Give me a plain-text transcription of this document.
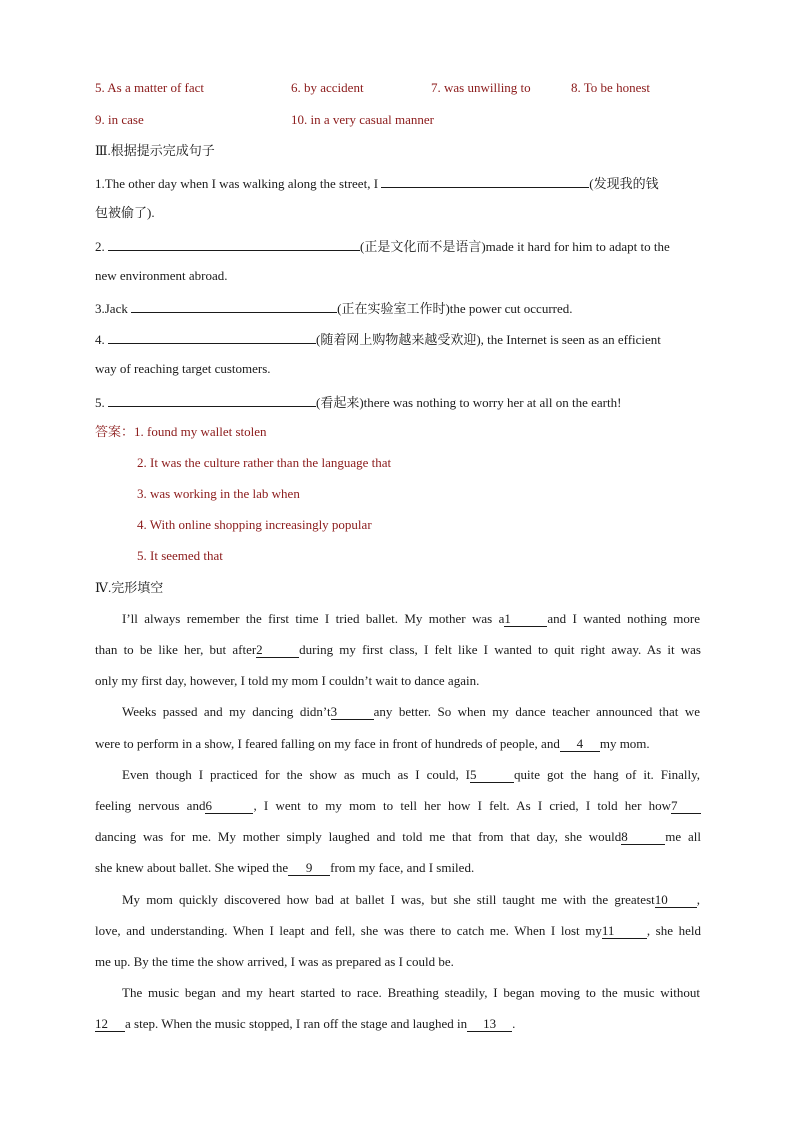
5. As a matter of fact	6. by accident	7. was unwilling to	8. To be honest
9. in case	10. in a very casual manner
Ⅲ.根据提示完成句子
1.The other day when I was walking along the street, I	(发现我的钱
包被偷了).
2.	(正是文化而不是语言)made it hard for him to adapt to the
new environment abroad.
3.Jack	(正在实验室工作时)the power cut occurred.
4.	(随着网上购物越来越受欢迎), the Internet is seen as an efficient
way of reaching target customers.
5.	(看起来)there was nothing to worry her at all on the earth!
答案：1. found my wallet stolen
2. It was the culture rather than the language that
3. was working in the lab when
4. With online shopping increasingly popular
5. It seemed that
Ⅳ.完形填空
I’ll always remember the first time I tried ballet. My mother was a1	and I wanted nothing more
than to be like her, but after2	during my first class, I felt like I wanted to quit right away. As it was
only my first day, however, I told my mom I couldn’t wait to dance again.
Weeks passed and my dancing didn’t3	any better. So when my dance teacher announced that we
were to perform in a show, I feared falling on my face in front of hundreds of people, and 4 my mom.
Even though I practiced for the show as much as I could, I5	quite got the hang of it. Finally,
feeling nervous and6	, I went to my mom to tell her how I felt. As I cried, I told her how7
dancing was for me. My mother simply laughed and told me that from that day, she would8	me all
she knew about ballet. She wiped the 9 from my face, and I smiled.
My mom quickly discovered how bad at ballet I was, but she still taught me with the greatest10 ,
love, and understanding. When I leapt and fell, she was there to catch me. When I lost my11 , she held
me up. By the time the show arrived, I was as prepared as I could be.
The music began and my heart started to race. Breathing steadily, I began moving to the music without
12 a step. When the music stopped, I ran off the stage and laughed in 13 .
